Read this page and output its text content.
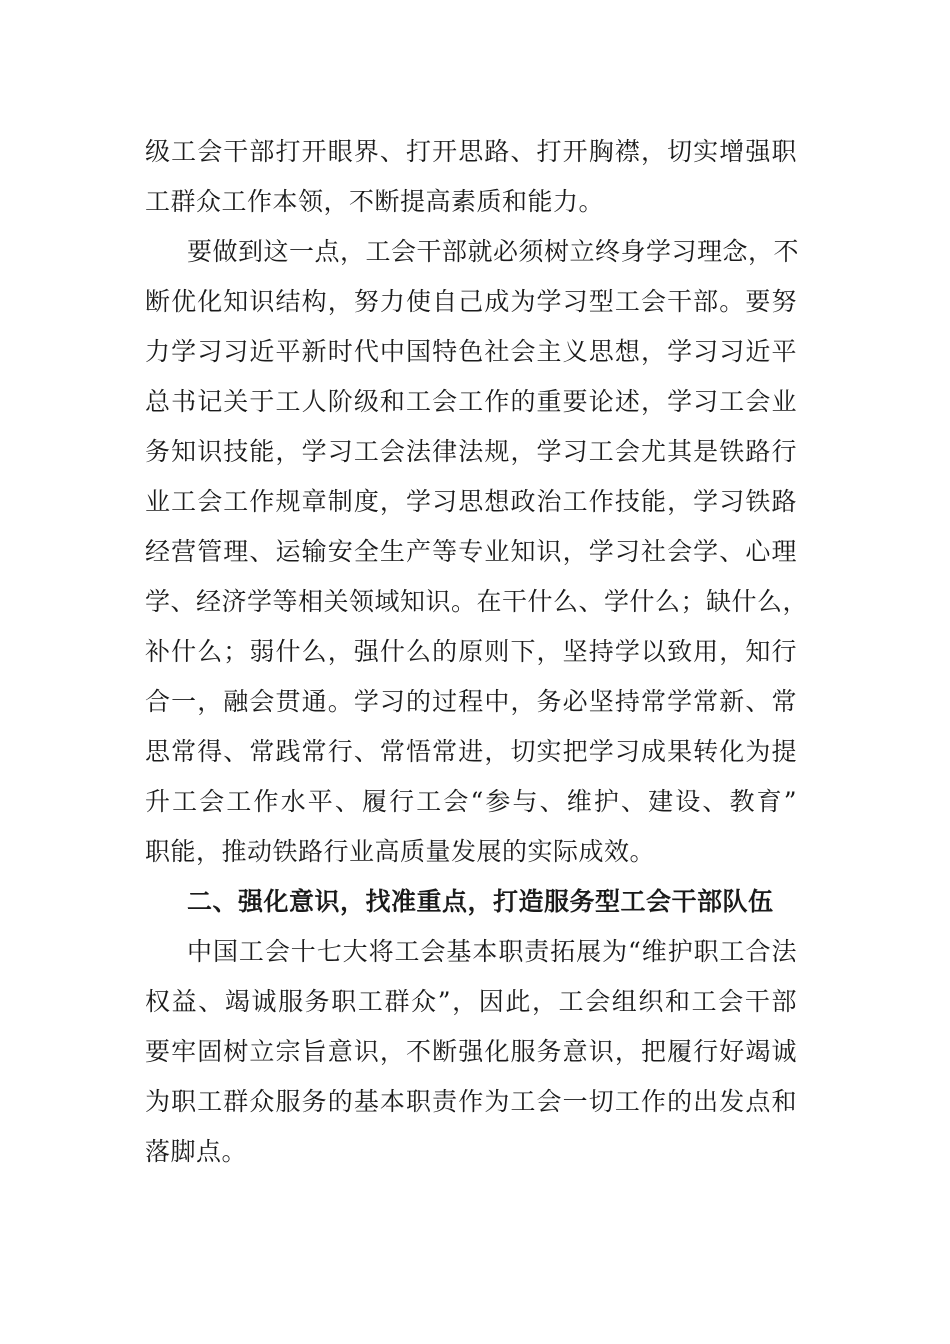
级工会干部打开眼界、打开思路、打开胸襟，切实增强职
工群众工作本领，不断提高素质和能力。
要做到这一点，工会干部就必须树立终身学习理念，不
断优化知识结构，努力使自己成为学习型工会干部。要努
力学习习近平新时代中国特色社会主义思想，学习习近平
总书记关于工人阶级和工会工作的重要论述，学习工会业
务知识技能，学习工会法律法规，学习工会尤其是铁路行
业工会工作规章制度，学习思想政治工作技能，学习铁路
经营管理、运输安全生产等专业知识，学习社会学、心理
学、经济学等相关领域知识。在干什么、学什么；缺什么，
补什么；弱什么，强什么的原则下，坚持学以致用，知行
合一，融会贯通。学习的过程中，务必坚持常学常新、常
思常得、常践常行、常悟常进，切实把学习成果转化为提
升工会工作水平、履行工会“参与、维护、建设、教育”
职能，推动铁路行业高质量发展的实际成效。
二、强化意识，找准重点，打造服务型工会干部队伍
中国工会十七大将工会基本职责拓展为“维护职工合法
权益、竭诚服务职工群众”，因此，工会组织和工会干部
要牢固树立宗旨意识，不断强化服务意识，把履行好竭诚
为职工群众服务的基本职责作为工会一切工作的出发点和
落脚点。
